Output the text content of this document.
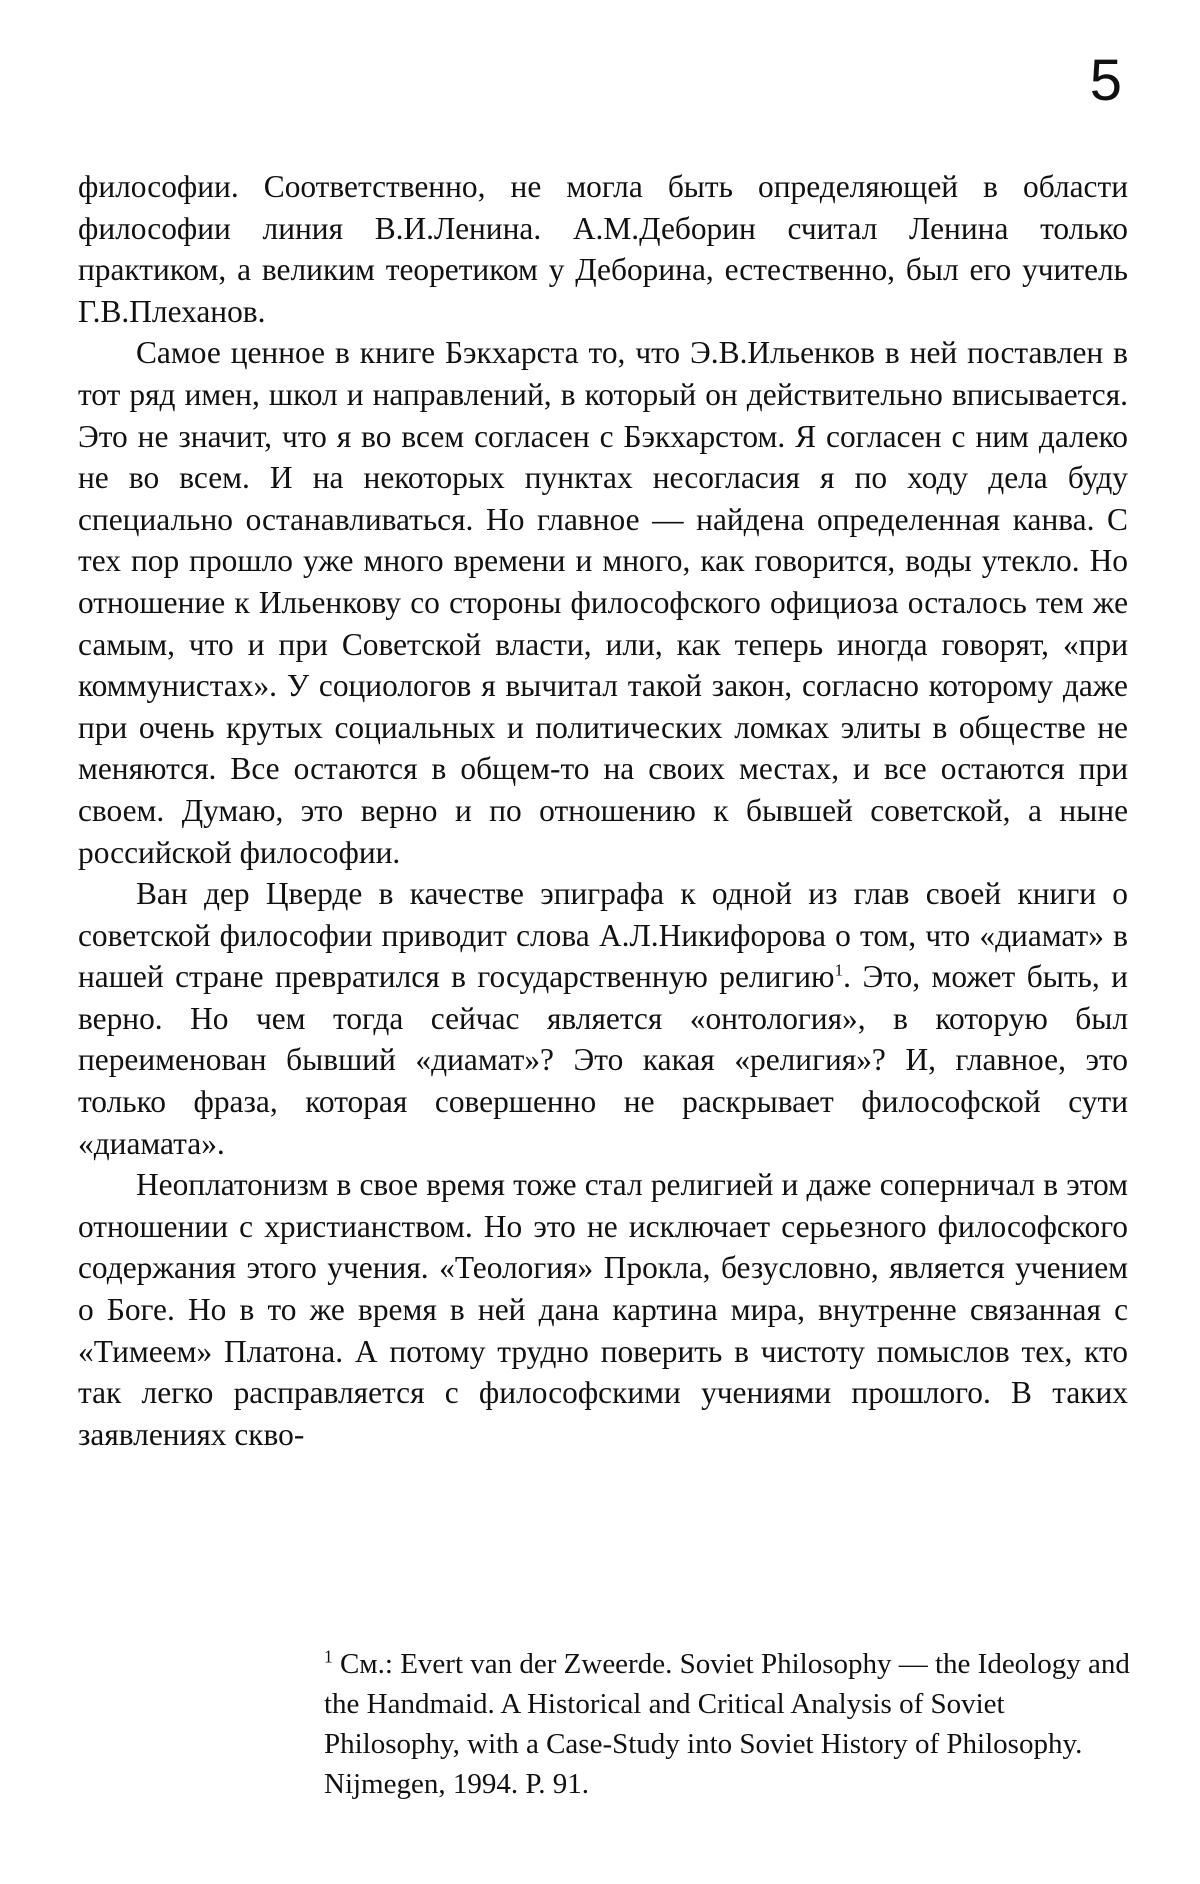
5

философии. Соответственно, не могла быть определяющей в области философии линия В.И.Ленина. А.М.Деборин считал Ленина только практиком, а великим теоретиком у Деборина, естественно, был его учитель Г.В.Плеханов.

Самое ценное в книге Бэкхарста то, что Э.В.Ильенков в ней поставлен в тот ряд имен, школ и направлений, в который он действительно вписывается. Это не значит, что я во всем согласен с Бэкхарстом. Я согласен с ним далеко не во всем. И на некоторых пунктах несогласия я по ходу дела буду специально останавливаться. Но главное — найдена определенная канва. С тех пор прошло уже много времени и много, как говорится, воды утекло. Но отношение к Ильенкову со стороны философского официоза осталось тем же самым, что и при Советской власти, или, как теперь иногда говорят, «при коммунистах». У социологов я вычитал такой закон, согласно которому даже при очень крутых социальных и политических ломках элиты в обществе не меняются. Все остаются в общем-то на своих местах, и все остаются при своем. Думаю, это верно и по отношению к бывшей советской, а ныне российской философии.

Ван дер Цверде в качестве эпиграфа к одной из глав своей книги о советской философии приводит слова А.Л.Никифорова о том, что «диамат» в нашей стране превратился в государственную религию$^1$. Это, может быть, и верно. Но чем тогда сейчас является «онтология», в которую был переименован бывший «диамат»? Это какая «религия»? И, главное, это только фраза, которая совершенно не раскрывает философской сути «диамата».

Неоплатонизм в свое время тоже стал религией и даже соперничал в этом отношении с христианством. Но это не исключает серьезного философского содержания этого учения. «Теология» Прокла, безусловно, является учением о Боге. Но в то же время в ней дана картина мира, внутренне связанная с «Тимеем» Платона. А потому трудно поверить в чистоту помыслов тех, кто так легко расправляется с философскими учениями прошлого. В таких заявлениях скво-

$^1$ См.: Evert van der Zweerde. Soviet Philosophy — the Ideology and the Handmaid. A Historical and Critical Analysis of Soviet Philosophy, with a Case-Study into Soviet History of Philosophy. Nijmegen, 1994. P. 91.
